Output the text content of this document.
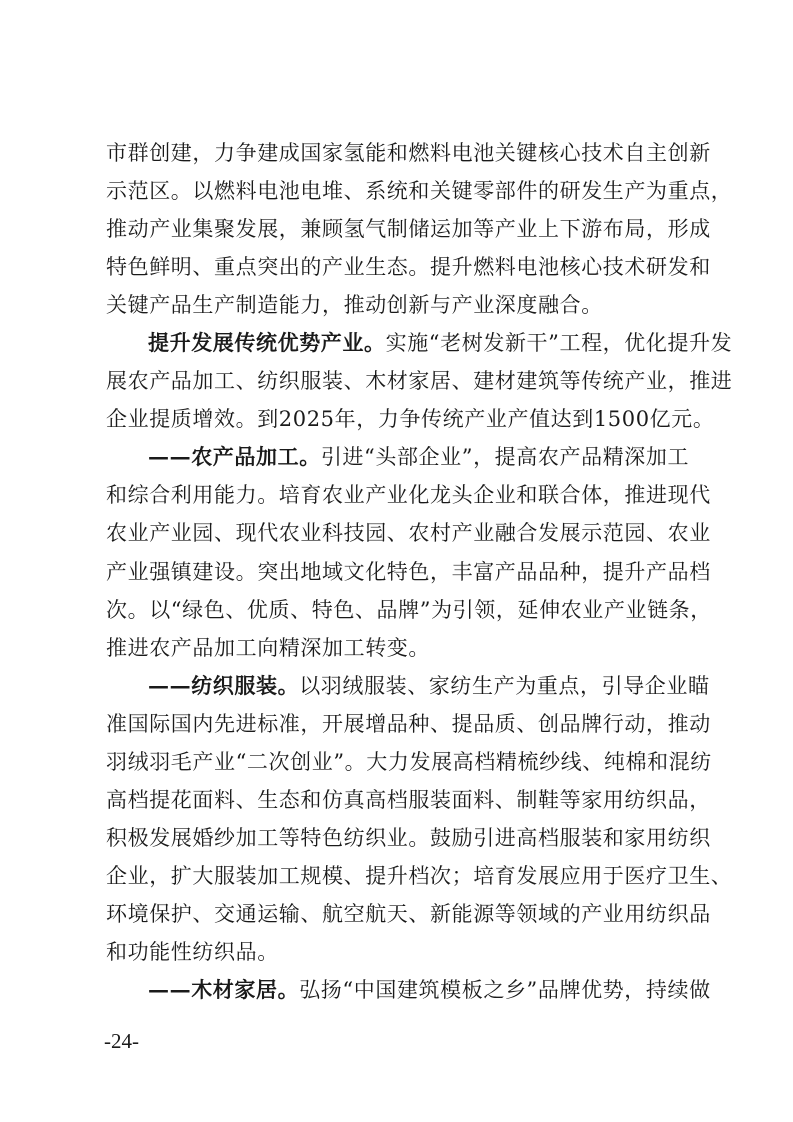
市群创建，力争建成国家氢能和燃料电池关键核心技术自主创新
示范区。以燃料电池电堆、系统和关键零部件的研发生产为重点，
推动产业集聚发展，兼顾氢气制储运加等产业上下游布局，形成
特色鲜明、重点突出的产业生态。提升燃料电池核心技术研发和
关键产品生产制造能力，推动创新与产业深度融合。
提升发展传统优势产业。实施“老树发新干”工程，优化提升发
展农产品加工、纺织服装、木材家居、建材建筑等传统产业，推进
企业提质增效。到2025年，力争传统产业产值达到1500亿元。
——农产品加工。引进“头部企业”，提高农产品精深加工
和综合利用能力。培育农业产业化龙头企业和联合体，推进现代
农业产业园、现代农业科技园、农村产业融合发展示范园、农业
产业强镇建设。突出地域文化特色，丰富产品品种，提升产品档
次。以“绿色、优质、特色、品牌”为引领，延伸农业产业链条，
推进农产品加工向精深加工转变。
——纺织服装。以羽绒服装、家纺生产为重点，引导企业瞄
准国际国内先进标准，开展增品种、提品质、创品牌行动，推动
羽绒羽毛产业“二次创业”。大力发展高档精梳纱线、纯棉和混纺
高档提花面料、生态和仿真高档服装面料、制鞋等家用纺织品，
积极发展婚纱加工等特色纺织业。鼓励引进高档服装和家用纺织
企业，扩大服装加工规模、提升档次；培育发展应用于医疗卫生、
环境保护、交通运输、航空航天、新能源等领域的产业用纺织品
和功能性纺织品。
——木材家居。弘扬“中国建筑模板之乡”品牌优势，持续做
-24-
